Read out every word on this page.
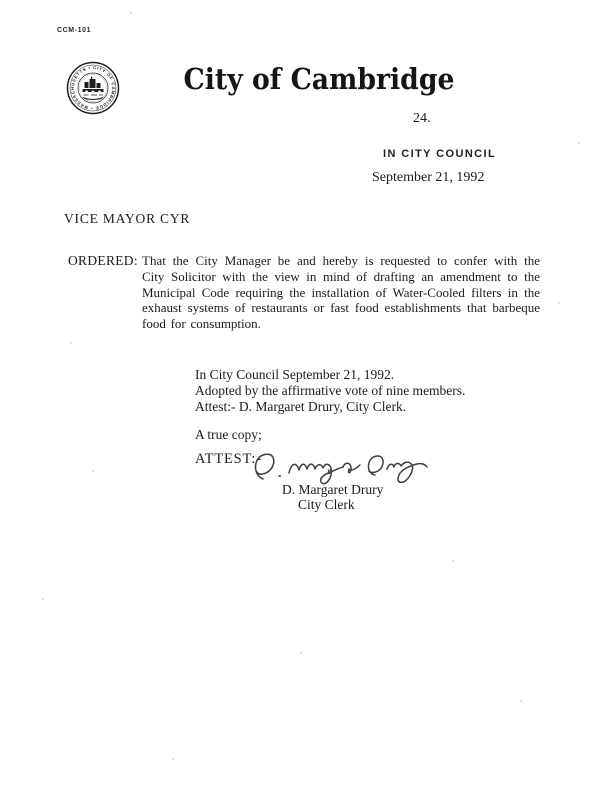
CCM-101
CITY OF CAMBRIDGE • MASSACHUSETTS •	City of Cambridge
24.
IN CITY COUNCIL
September 21, 1992
VICE MAYOR CYR
ORDERED: That the City Manager be and hereby is requested to confer with the City Solicitor with the view in mind of drafting an amendment to the Municipal Code requiring the installation of Water-Cooled filters in the exhaust systems of restaurants or fast food establishments that barbeque food for consumption.
In City Council September 21, 1992.
Adopted by the affirmative vote of nine members.
Attest:- D. Margaret Drury, City Clerk.
A true copy;
ATTEST:-
D. Margaret Drury
City Clerk
